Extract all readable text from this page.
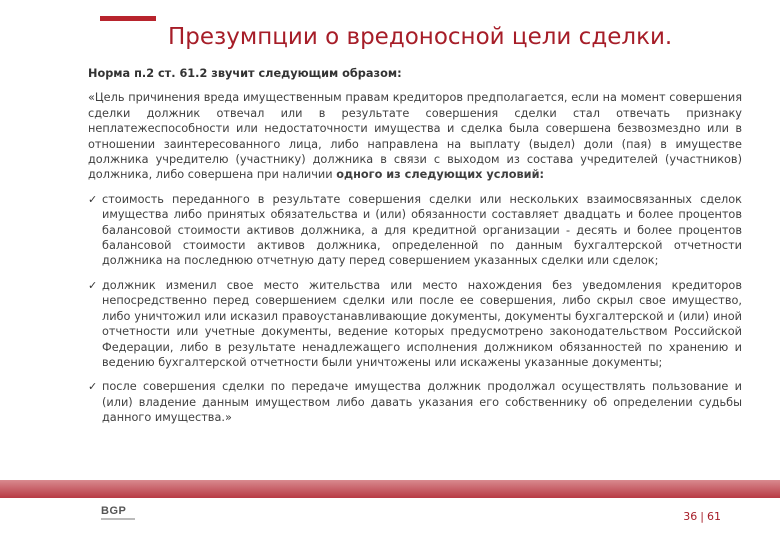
Презумпции о вредоносной цели сделки.
Норма п.2 ст. 61.2 звучит следующим образом:
«Цель причинения вреда имущественным правам кредиторов предполагается, если на момент совершения сделки должник отвечал или в результате совершения сделки стал отвечать признаку неплатежеспособности или недостаточности имущества и сделка была совершена безвозмездно или в отношении заинтересованного лица, либо направлена на выплату (выдел) доли (пая) в имуществе должника учредителю (участнику) должника в связи с выходом из состава учредителей (участников) должника, либо совершена при наличии одного из следующих условий:
✓ стоимость переданного в результате совершения сделки или нескольких взаимосвязанных сделок имущества либо принятых обязательства и (или) обязанности составляет двадцать и более процентов балансовой стоимости активов должника, а для кредитной организации - десять и более процентов балансовой стоимости активов должника, определенной по данным бухгалтерской отчетности должника на последнюю отчетную дату перед совершением указанных сделки или сделок;
✓ должник изменил свое место жительства или место нахождения без уведомления кредиторов непосредственно перед совершением сделки или после ее совершения, либо скрыл свое имущество, либо уничтожил или исказил правоустанавливающие документы, документы бухгалтерской и (или) иной отчетности или учетные документы, ведение которых предусмотрено законодательством Российской Федерации, либо в результате ненадлежащего исполнения должником обязанностей по хранению и ведению бухгалтерской отчетности были уничтожены или искажены указанные документы;
✓ после совершения сделки по передаче имущества должник продолжал осуществлять пользование и (или) владение данным имуществом либо давать указания его собственнику об определении судьбы данного имущества.»
BGP	36 | 61
